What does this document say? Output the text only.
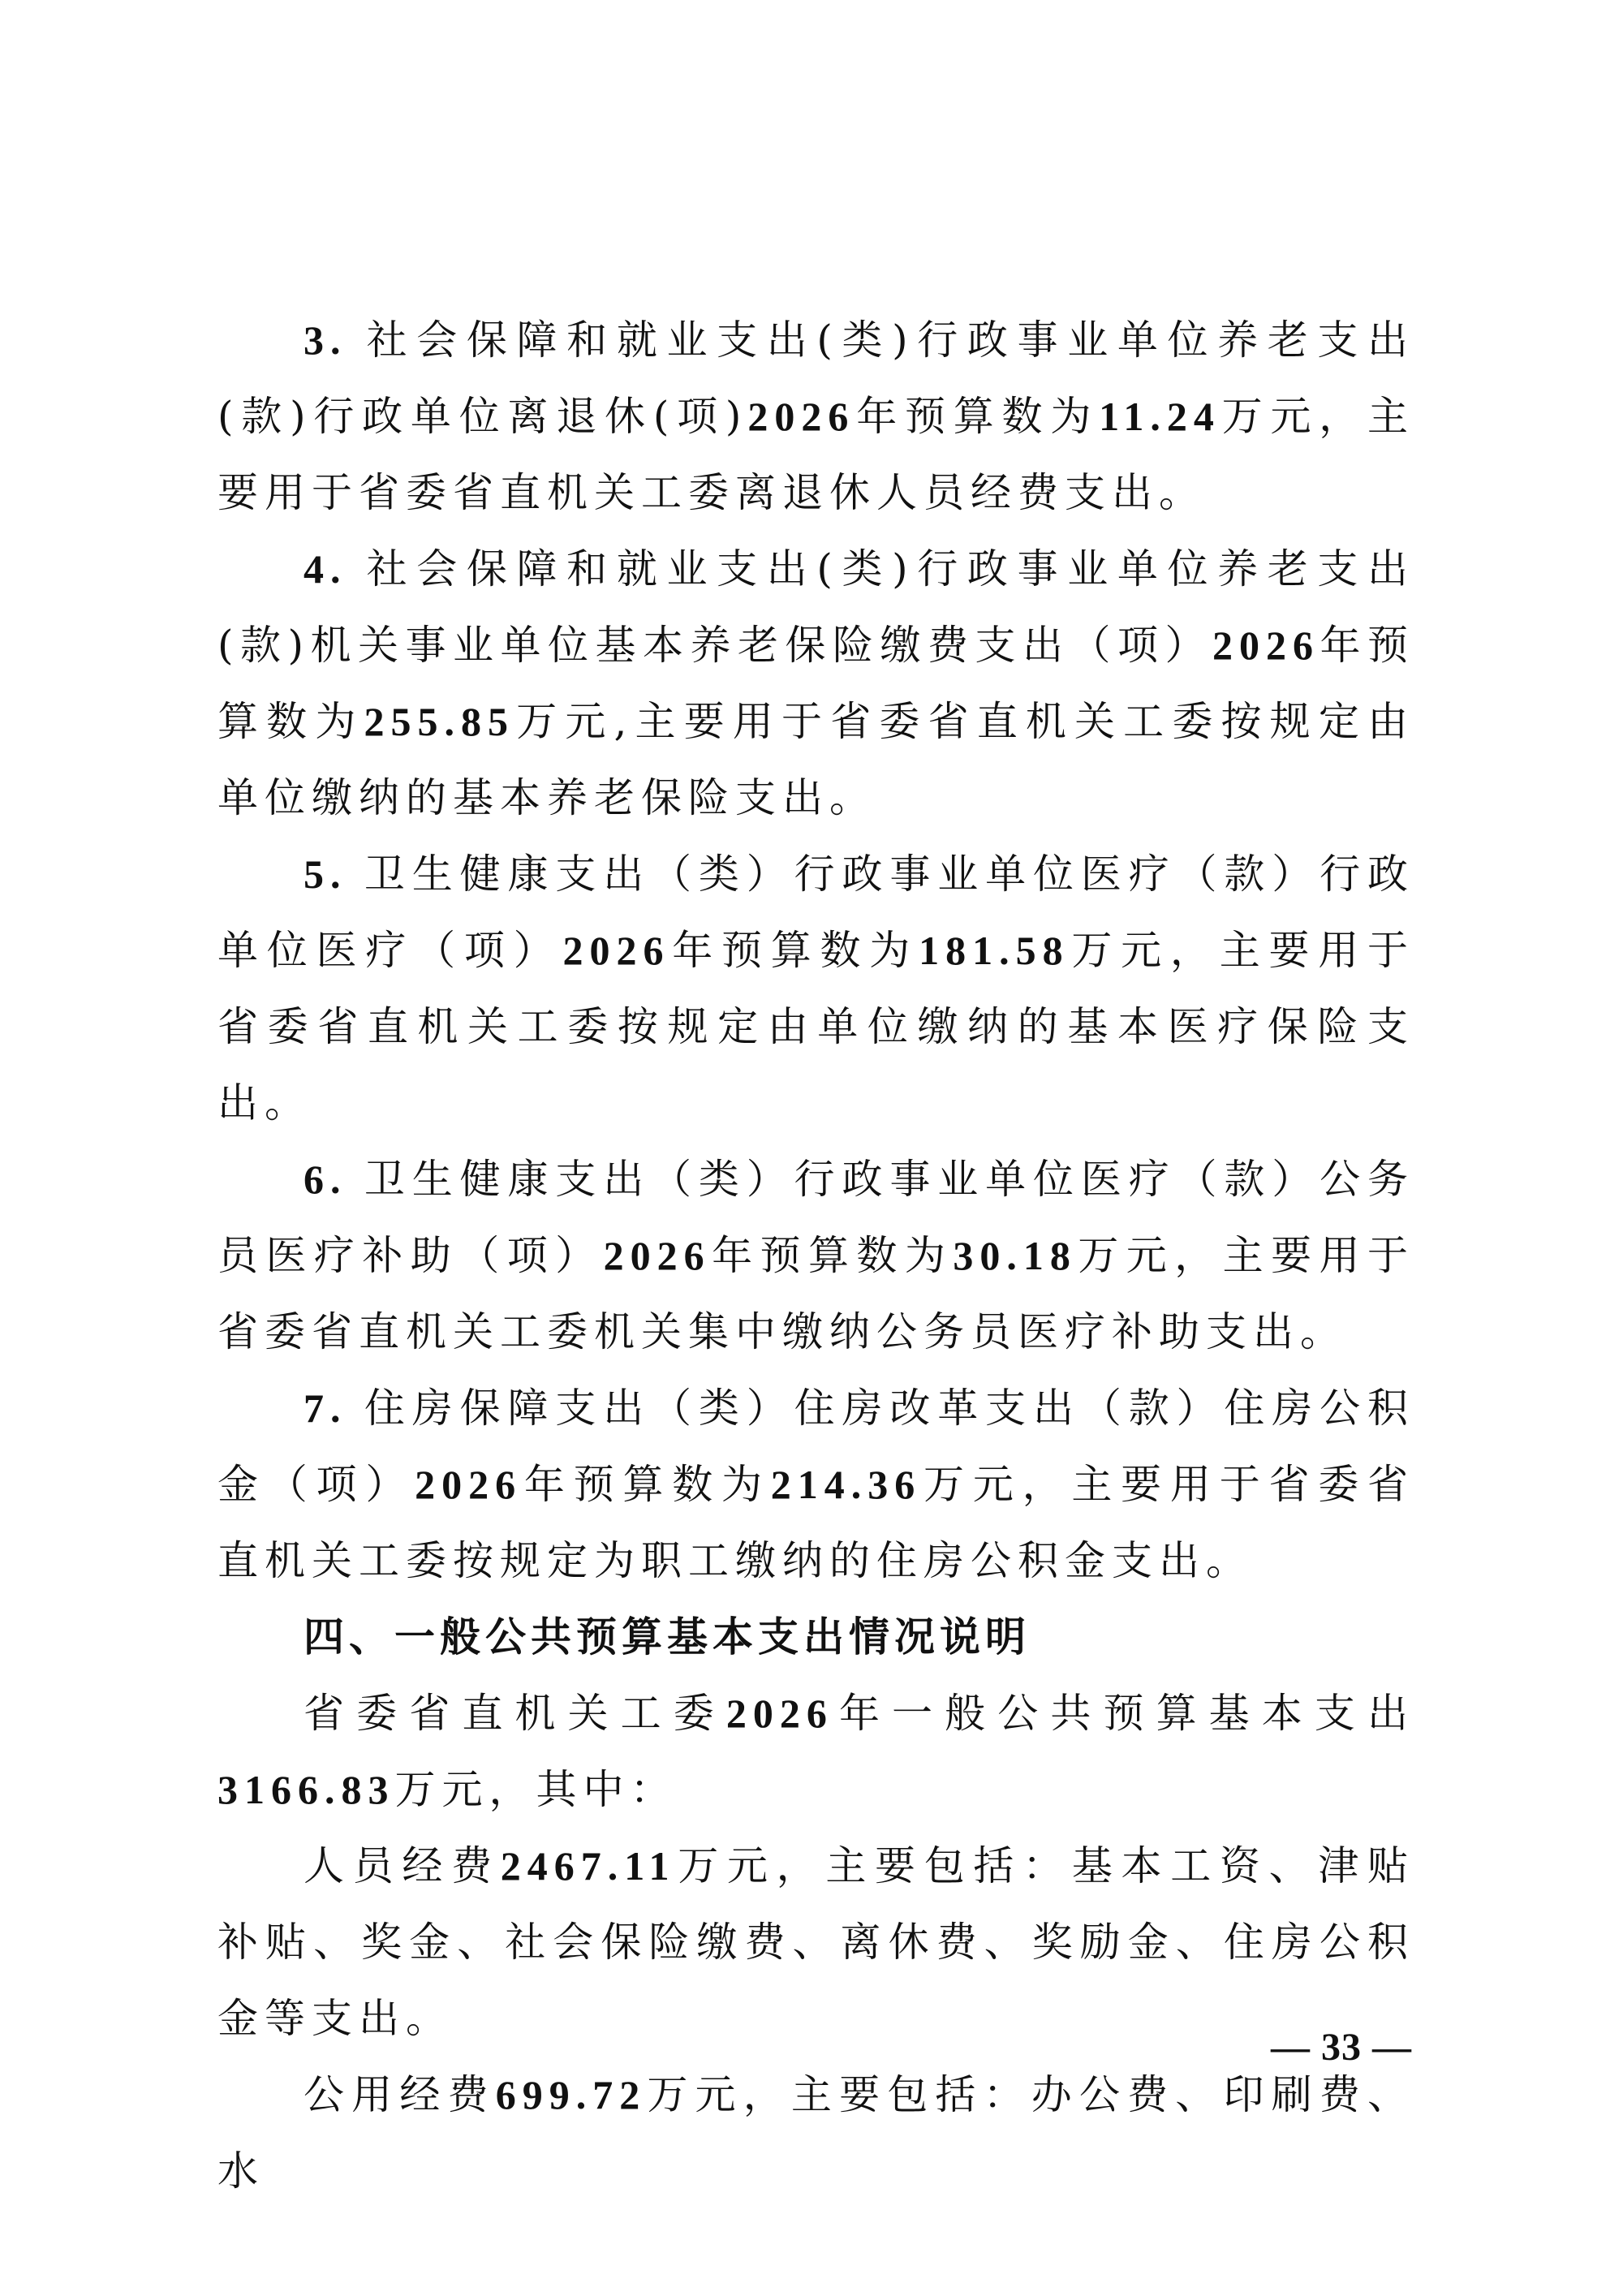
3. 社会保障和就业支出(类)行政事业单位养老支出(款)行政单位离退休(项)2026年预算数为11.24万元，主要用于省委省直机关工委离退休人员经费支出。

4. 社会保障和就业支出(类)行政事业单位养老支出(款)机关事业单位基本养老保险缴费支出（项）2026年预算数为255.85万元,主要用于省委省直机关工委按规定由单位缴纳的基本养老保险支出。

5. 卫生健康支出（类）行政事业单位医疗（款）行政单位医疗（项）2026年预算数为181.58万元，主要用于省委省直机关工委按规定由单位缴纳的基本医疗保险支出。

6. 卫生健康支出（类）行政事业单位医疗（款）公务员医疗补助（项）2026年预算数为30.18万元，主要用于省委省直机关工委机关集中缴纳公务员医疗补助支出。

7. 住房保障支出（类）住房改革支出（款）住房公积金（项）2026年预算数为214.36万元，主要用于省委省直机关工委按规定为职工缴纳的住房公积金支出。

四、一般公共预算基本支出情况说明

省委省直机关工委2026年一般公共预算基本支出3166.83万元，其中：

人员经费2467.11万元，主要包括：基本工资、津贴补贴、奖金、社会保险缴费、离休费、奖励金、住房公积金等支出。

公用经费699.72万元，主要包括：办公费、印刷费、水

— 33 —
